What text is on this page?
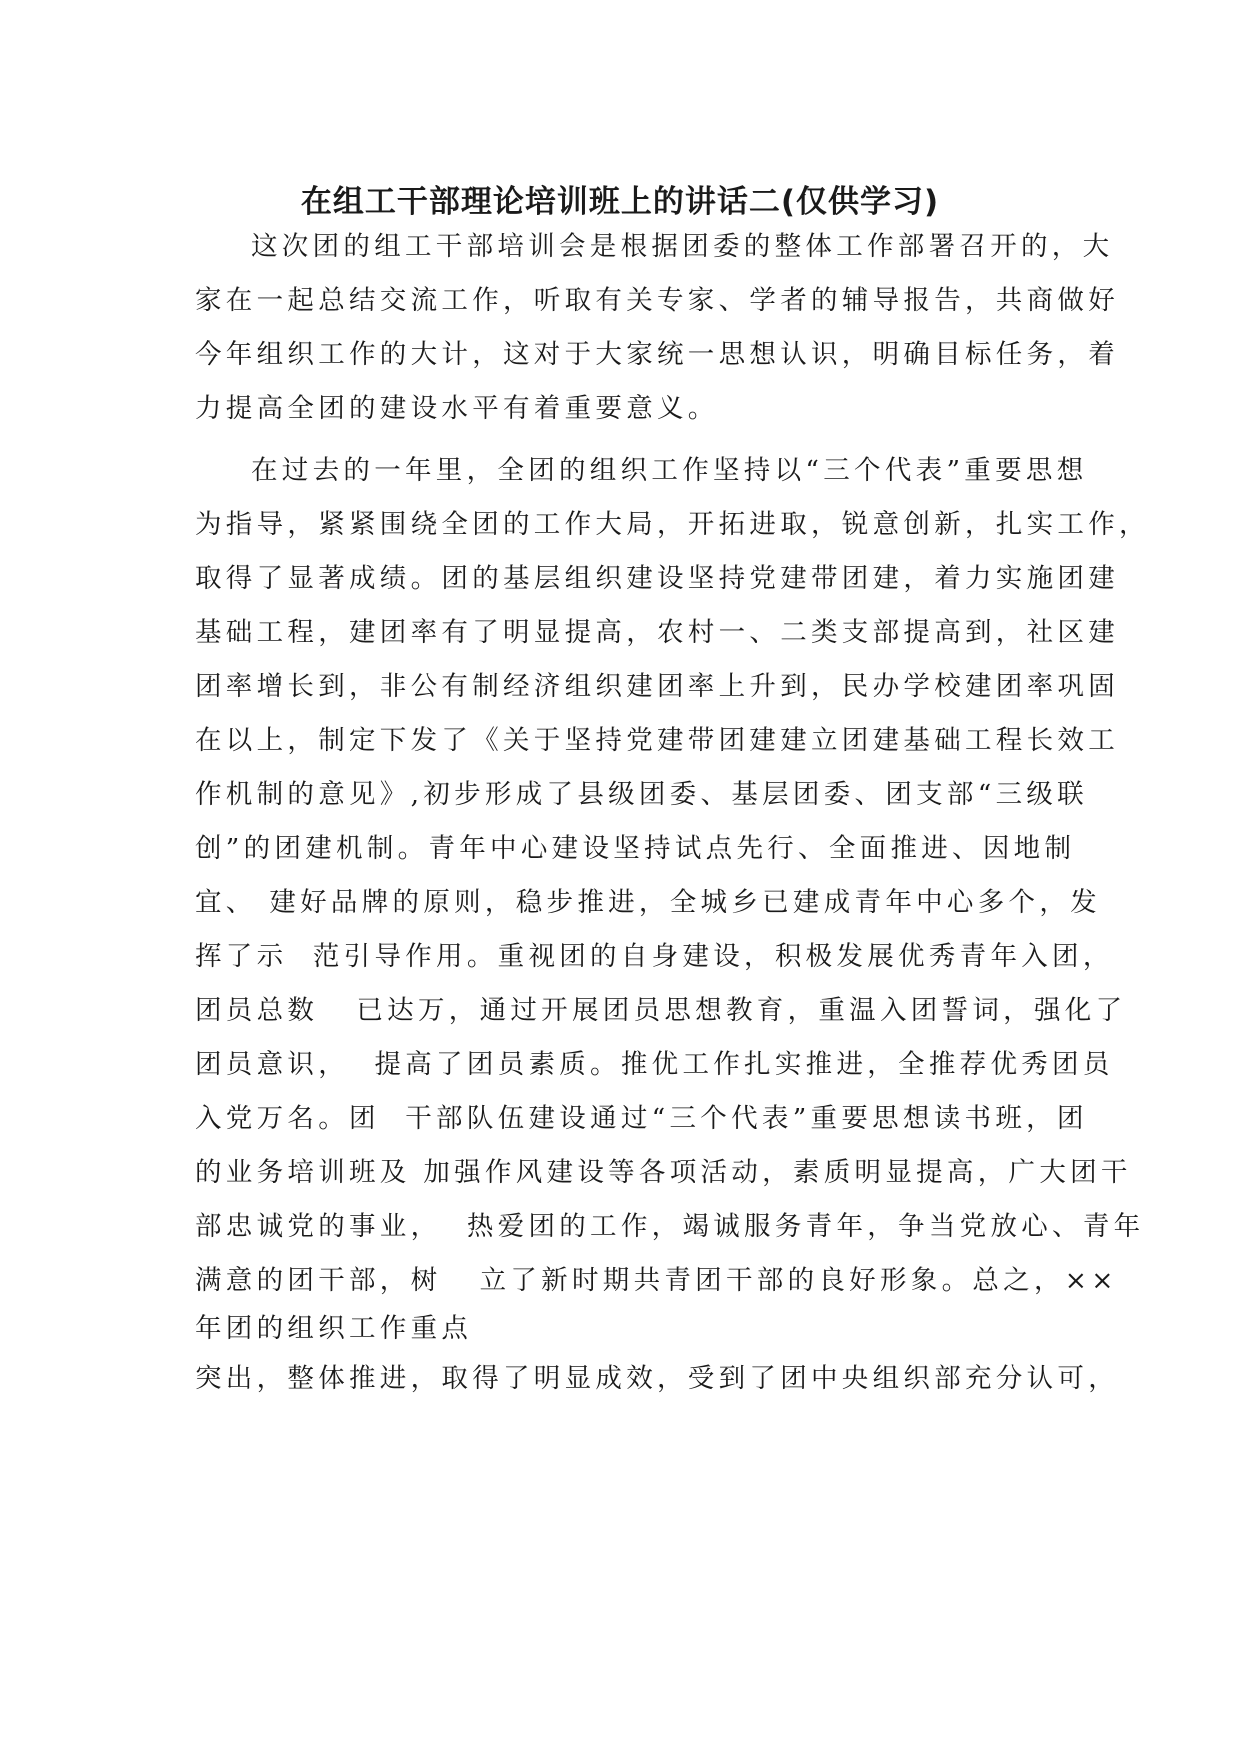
在组工干部理论培训班上的讲话二(仅供学习)
这次团的组工干部培训会是根据团委的整体工作部署召开的，大
家在一起总结交流工作，听取有关专家、学者的辅导报告，共商做好
今年组织工作的大计，这对于大家统一思想认识，明确目标任务，着
力提高全团的建设水平有着重要意义。
在过去的一年里，全团的组织工作坚持以“三个代表”重要思想
为指导，紧紧围绕全团的工作大局，开拓进取，锐意创新，扎实工作，
取得了显著成绩。团的基层组织建设坚持党建带团建，着力实施团建
基础工程，建团率有了明显提高，农村一、二类支部提高到，社区建
团率增长到，非公有制经济组织建团率上升到，民办学校建团率巩固
在以上，制定下发了《关于坚持党建带团建建立团建基础工程长效工
作机制的意见》,初步形成了县级团委、基层团委、团支部“三级联
创”的团建机制。青年中心建设坚持试点先行、全面推进、因地制
宜、 建好品牌的原则，稳步推进，全城乡已建成青年中心多个，发
挥了示  范引导作用。重视团的自身建设，积极发展优秀青年入团，
团员总数   已达万，通过开展团员思想教育，重温入团誓词，强化了
团员意识，  提高了团员素质。推优工作扎实推进，全推荐优秀团员
入党万名。团  干部队伍建设通过“三个代表”重要思想读书班，团
的业务培训班及 加强作风建设等各项活动，素质明显提高，广大团干
部忠诚党的事业，  热爱团的工作，竭诚服务青年，争当党放心、青年
满意的团干部，树   立了新时期共青团干部的良好形象。总之，××
年团的组织工作重点
突出，整体推进，取得了明显成效，受到了团中央组织部充分认可，
